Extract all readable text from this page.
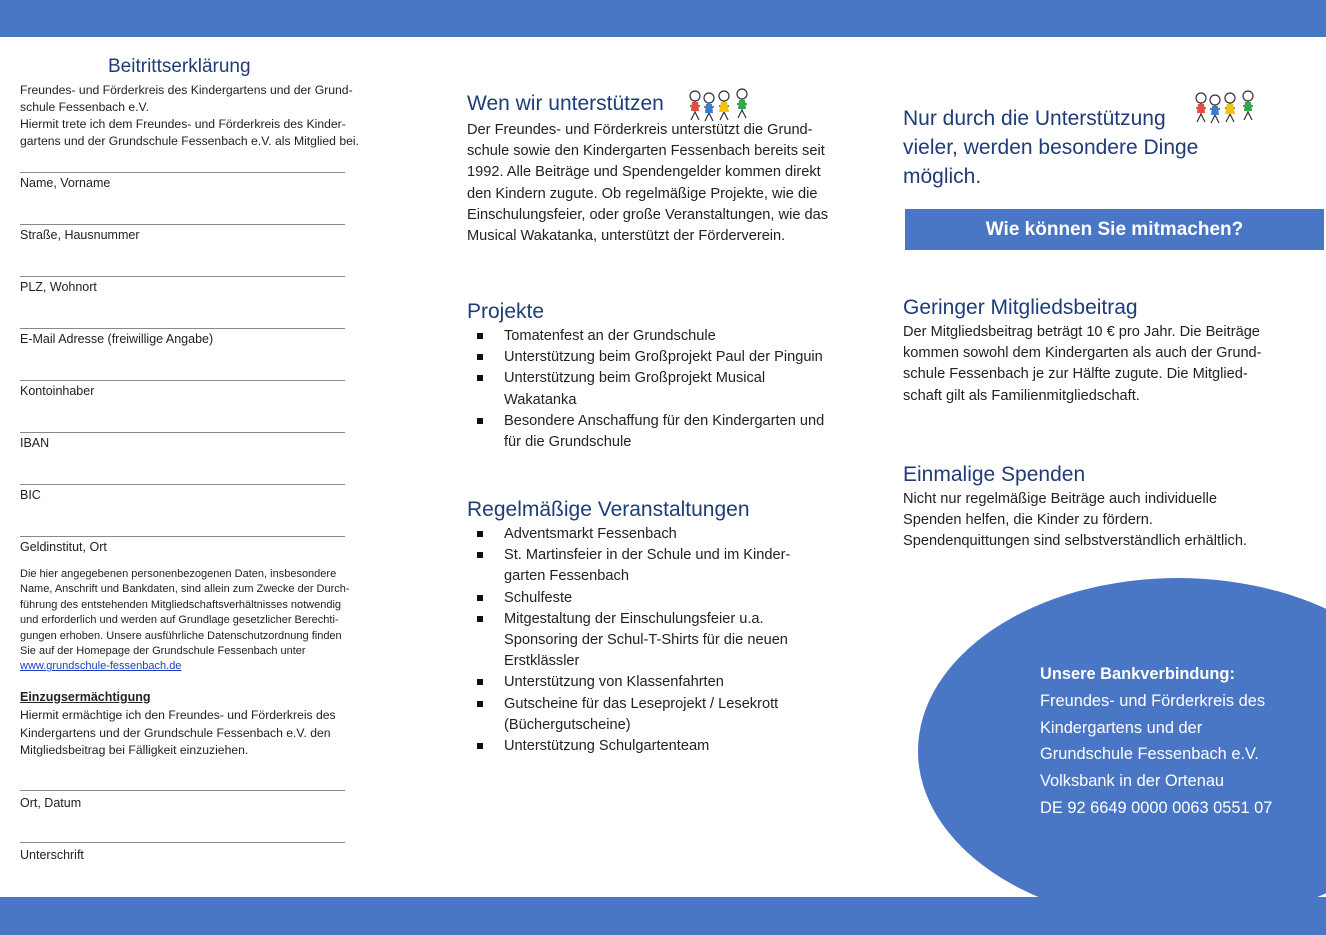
Beitrittserklärung

Freundes- und Förderkreis des Kindergartens und der Grund-
schule Fessenbach e.V.
Hiermit trete ich dem Freundes- und Förderkreis des Kinder-
gartens und der Grundschule Fessenbach e.V. als Mitglied bei.

Name, Vorname
Straße, Hausnummer
PLZ, Wohnort
E-Mail Adresse (freiwillige Angabe)
Kontoinhaber
IBAN
BIC
Geldinstitut, Ort

Die hier angegebenen personenbezogenen Daten, insbesondere
Name, Anschrift und Bankdaten, sind allein zum Zwecke der Durch-
führung des entstehenden Mitgliedschaftsverhältnisses notwendig
und erforderlich und werden auf Grundlage gesetzlicher Berechti-
gungen erhoben. Unsere ausführliche Datenschutzordnung finden
Sie auf der Homepage der Grundschule Fessenbach unter
www.grundschule-fessenbach.de

Einzugsermächtigung

Hiermit ermächtige ich den Freundes- und Förderkreis des
Kindergartens und der Grundschule Fessenbach e.V. den
Mitgliedsbeitrag bei Fälligkeit einzuziehen.

Ort, Datum
Unterschrift
Wen wir unterstützen

Der Freundes- und Förderkreis unterstützt die Grund-
schule sowie den Kindergarten Fessenbach bereits seit
1992. Alle Beiträge und Spendengelder kommen direkt
den Kindern zugute. Ob regelmäßige Projekte, wie die
Einschulungsfeier, oder große Veranstaltungen, wie das
Musical Wakatanka, unterstützt der Förderverein.

Projekte
Tomatenfest an der Grundschule
Unterstützung beim Großprojekt Paul der Pinguin
Unterstützung beim Großprojekt Musical
Wakatanka
Besondere Anschaffung für den Kindergarten und
für die Grundschule
Regelmäßige Veranstaltungen
Adventsmarkt Fessenbach
St. Martinsfeier in der Schule und im Kinder-
garten Fessenbach
Schulfeste
Mitgestaltung der Einschulungsfeier u.a.
Sponsoring der Schul-T-Shirts für die neuen
Erstklässler
Unterstützung von Klassenfahrten
Gutscheine für das Leseprojekt / Lesekrott
(Büchergutscheine)
Unterstützung Schulgartenteam

Nur durch die Unterstützung
vieler, werden besondere Dinge
möglich.

Wie können Sie mitmachen?
Geringer Mitgliedsbeitrag

Der Mitgliedsbeitrag beträgt 10 € pro Jahr. Die Beiträge
kommen sowohl dem Kindergarten als auch der Grund-
schule Fessenbach je zur Hälfte zugute. Die Mitglied-
schaft gilt als Familienmitgliedschaft.

Einmalige Spenden

Nicht nur regelmäßige Beiträge auch individuelle
Spenden helfen, die Kinder zu fördern.
Spendenquittungen sind selbstverständlich erhältlich.

Unsere Bankverbindung:
Freundes- und Förderkreis des
Kindergartens und der
Grundschule Fessenbach e.V.
Volksbank in der Ortenau
DE 92 6649 0000 0063 0551 07
